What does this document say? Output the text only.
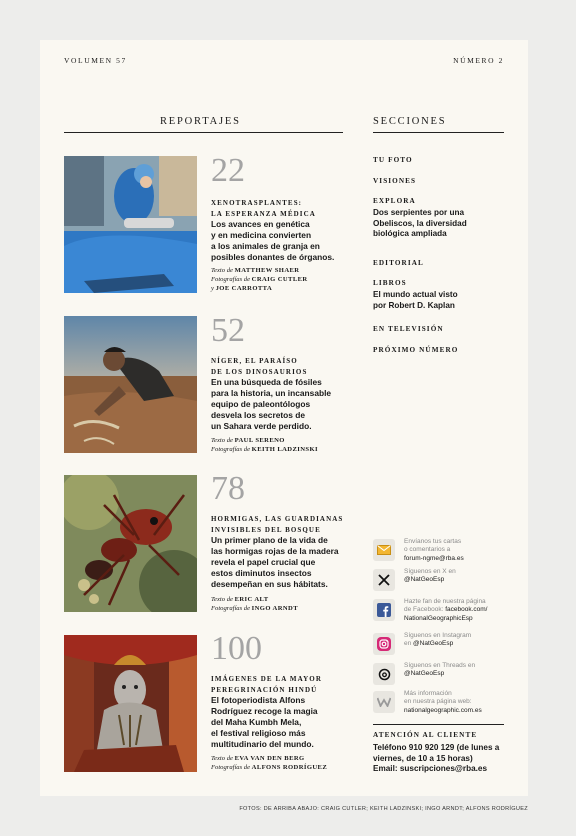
VOLUMEN 57	NÚMERO 2
REPORTAJES	SECCIONES
22
XENOTRASPLANTES:
LA ESPERANZA MÉDICA
Los avances en genética
y en medicina convierten
a los animales de granja en
posibles donantes de órganos.
Texto de MATTHEW SHAER
Fotografías de CRAIG CUTLER
y JOE CARROTTA
52
NÍGER, EL PARAÍSO
DE LOS DINOSAURIOS
En una búsqueda de fósiles
para la historia, un incansable
equipo de paleontólogos
desvela los secretos de
un Sahara verde perdido.
Texto de PAUL SERENO
Fotografías de KEITH LADZINSKI
78
HORMIGAS, LAS GUARDIANAS
INVISIBLES DEL BOSQUE
Un primer plano de la vida de
las hormigas rojas de la madera
revela el papel crucial que
estos diminutos insectos
desempeñan en sus hábitats.
Texto de ERIC ALT
Fotografías de INGO ARNDT
100
IMÁGENES DE LA MAYOR
PEREGRINACIÓN HINDÚ
El fotoperiodista Alfons
Rodríguez recoge la magia
del Maha Kumbh Mela,
el festival religioso más
multitudinario del mundo.
Texto de EVA VAN DEN BERG
Fotografías de ALFONS RODRÍGUEZ
TU FOTO
VISIONES
EXPLORA
Dos serpientes por una
Obeliscos, la diversidad
biológica ampliada
EDITORIAL
LIBROS
El mundo actual visto
por Robert D. Kaplan
EN TELEVISIÓN
PRÓXIMO NÚMERO
Envíanos tus cartas
o comentarios a
forum-ngme@rba.es
Síguenos en X en
@NatGeoEsp
Hazte fan de nuestra página
de Facebook: facebook.com/
NationalGeographicEsp
Síguenos en Instagram
en @NatGeoEsp
Síguenos en Threads en
@NatGeoEsp
Más información
en nuestra página web:
nationalgeographic.com.es
ATENCIÓN AL CLIENTE
Teléfono 910 920 129 (de lunes a
viernes, de 10 a 15 horas)
Email: suscripciones@rba.es
FOTOS: DE ARRIBA ABAJO: CRAIG CUTLER; KEITH LADZINSKI; INGO ARNDT; ALFONS RODRÍGUEZ
